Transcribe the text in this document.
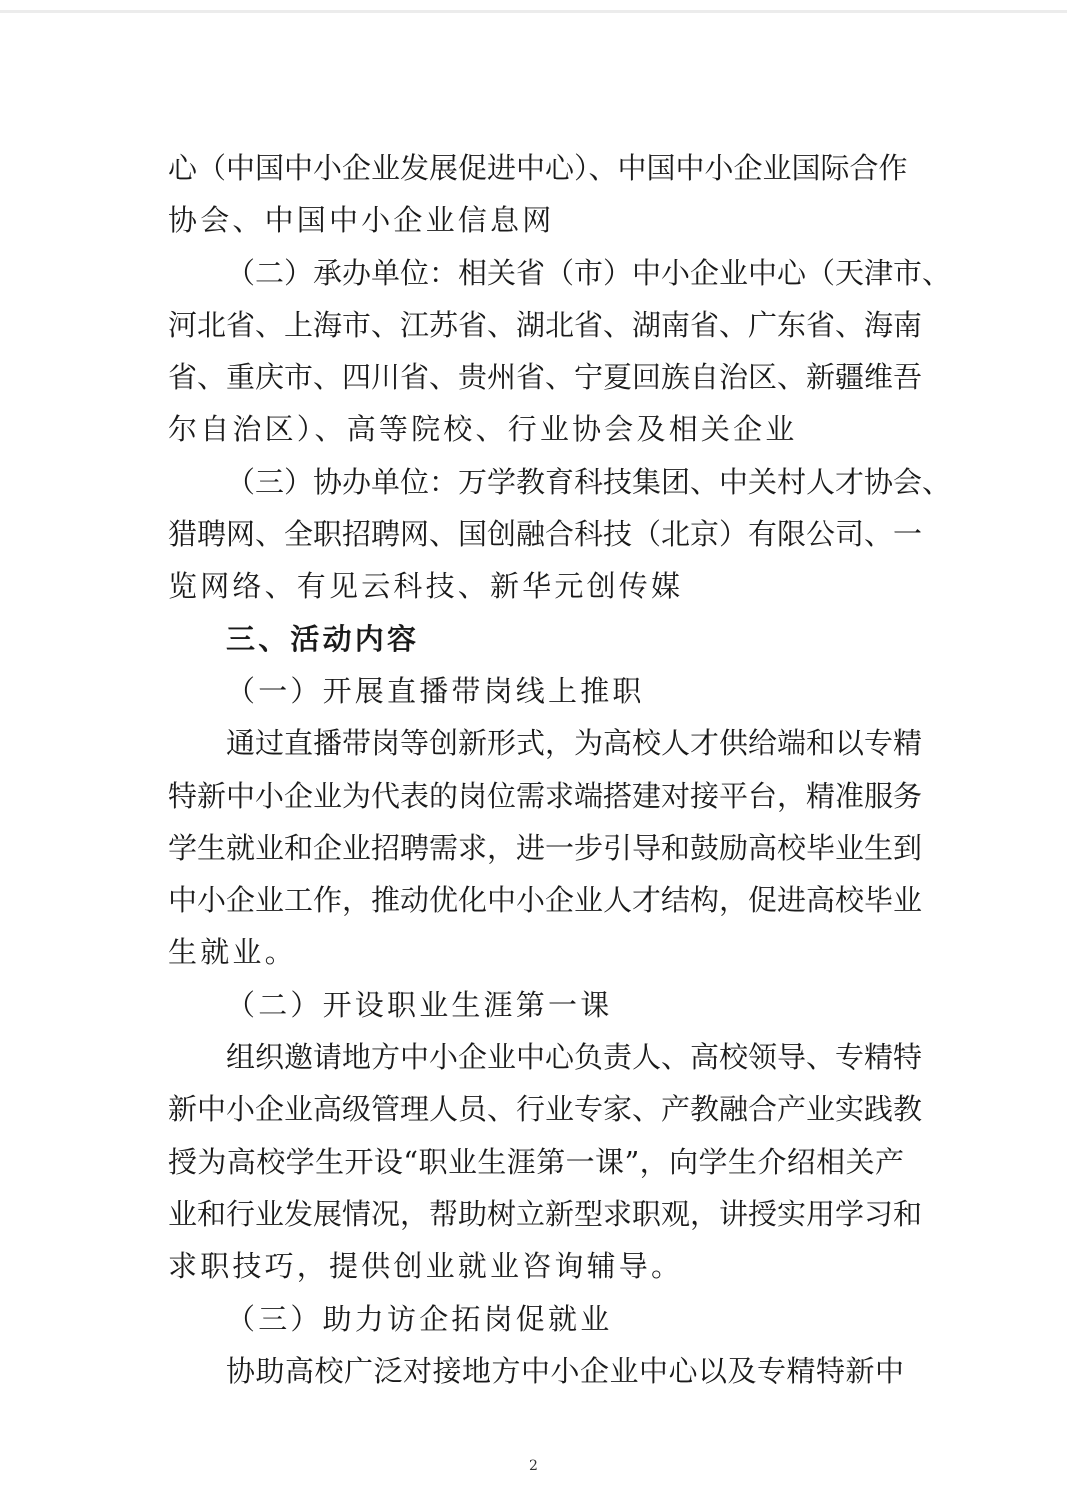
心（中国中小企业发展促进中心）、中国中小企业国际合作
协会、中国中小企业信息网
（二）承办单位：相关省（市）中小企业中心（天津市、
河北省、上海市、江苏省、湖北省、湖南省、广东省、海南
省、重庆市、四川省、贵州省、宁夏回族自治区、新疆维吾
尔自治区）、高等院校、行业协会及相关企业
（三）协办单位：万学教育科技集团、中关村人才协会、
猎聘网、全职招聘网、国创融合科技（北京）有限公司、一
览网络、有见云科技、新华元创传媒
三、活动内容
（一）开展直播带岗线上推职
通过直播带岗等创新形式，为高校人才供给端和以专精
特新中小企业为代表的岗位需求端搭建对接平台，精准服务
学生就业和企业招聘需求，进一步引导和鼓励高校毕业生到
中小企业工作，推动优化中小企业人才结构，促进高校毕业
生就业。
（二）开设职业生涯第一课
组织邀请地方中小企业中心负责人、高校领导、专精特
新中小企业高级管理人员、行业专家、产教融合产业实践教
授为高校学生开设“职业生涯第一课”，向学生介绍相关产
业和行业发展情况，帮助树立新型求职观，讲授实用学习和
求职技巧，提供创业就业咨询辅导。
（三）助力访企拓岗促就业
协助高校广泛对接地方中小企业中心以及专精特新中
2
